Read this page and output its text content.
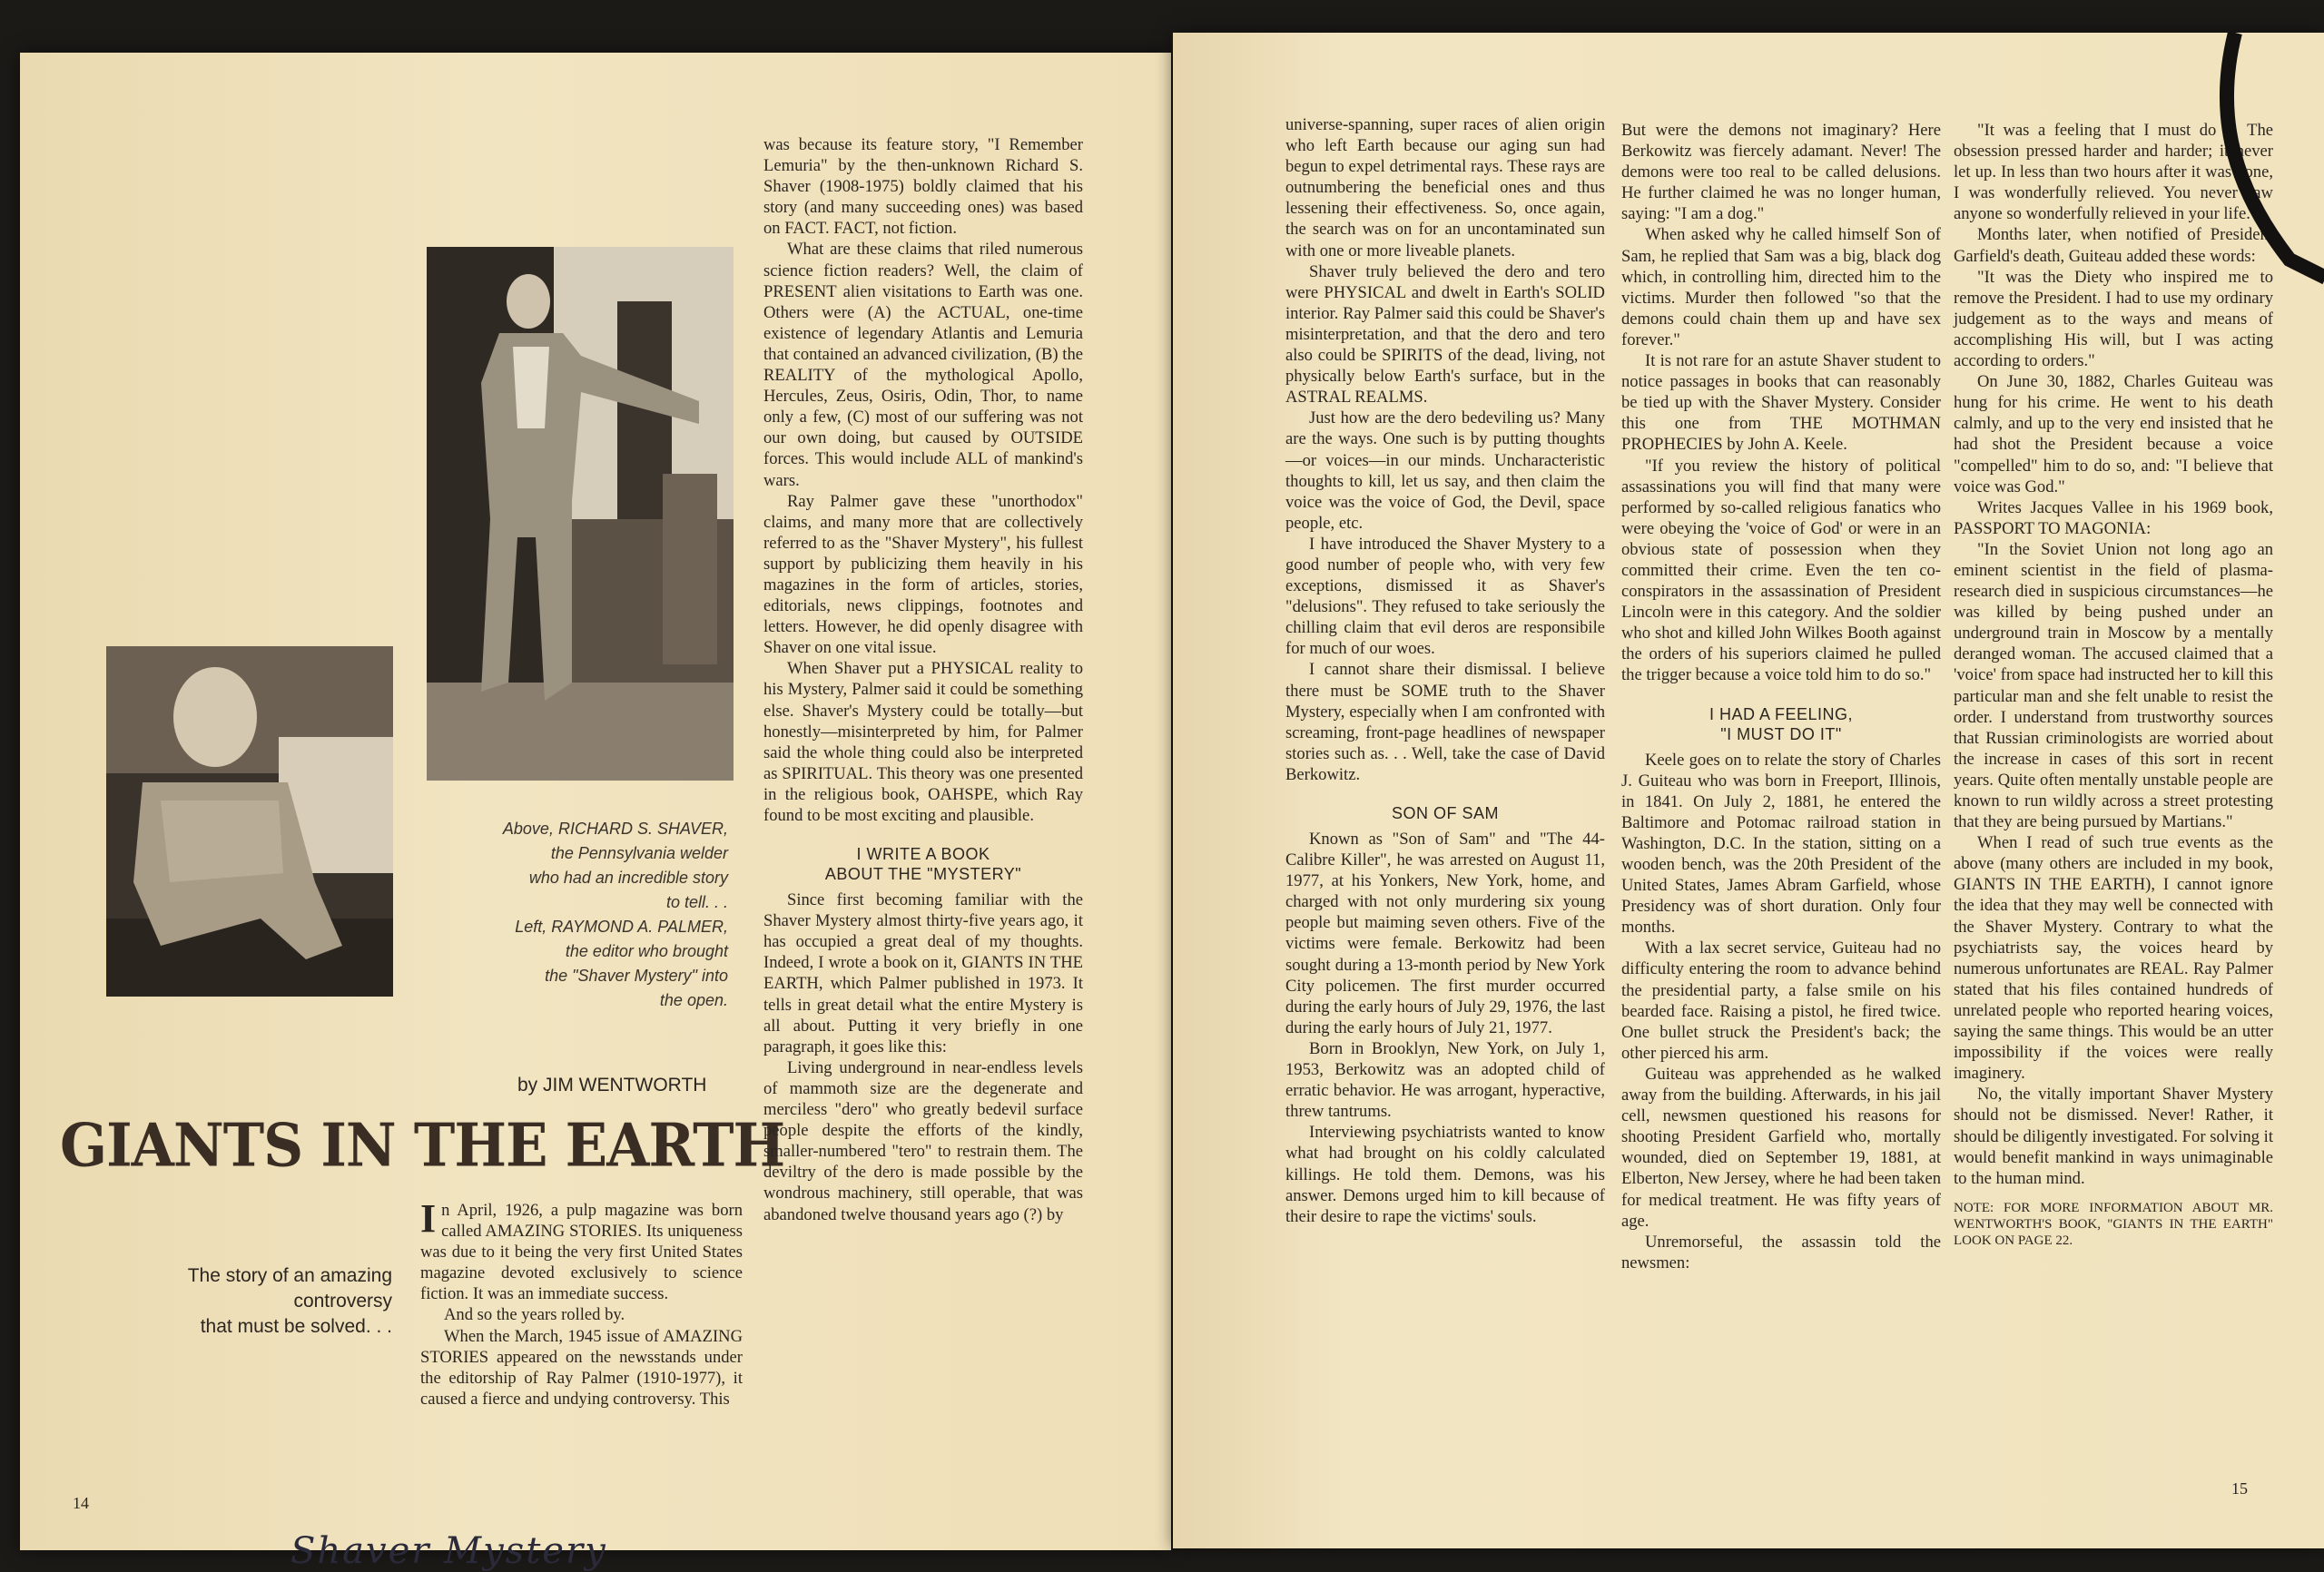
Above, RICHARD S. SHAVER,
the Pennsylvania welder
who had an incredible story
to tell. . .
Left, RAYMOND A. PALMER,
the editor who brought
the "Shaver Mystery" into
the open.
by JIM WENTWORTH
GIANTS IN THE EARTH
The story of an amazing
controversy
that must be solved. . .

In April, 1926, a pulp magazine was born called AMAZING STORIES. Its uniqueness was due to it being the very first United States magazine devoted exclusively to science fiction. It was an immediate success.

And so the years rolled by.

When the March, 1945 issue of AMAZING STORIES appeared on the newsstands under the editorship of Ray Palmer (1910-1977), it caused a fierce and undying controversy. This

was because its feature story, "I Remember Lemuria" by the then-unknown Richard S. Shaver (1908-1975) boldly claimed that his story (and many succeeding ones) was based on FACT. FACT, not fiction.

What are these claims that riled numerous science fiction readers? Well, the claim of PRESENT alien visitations to Earth was one. Others were (A) the ACTUAL, one-time existence of legendary Atlantis and Lemuria that contained an advanced civilization, (B) the REALITY of the mythological Apollo, Hercules, Zeus, Osiris, Odin, Thor, to name only a few, (C) most of our suffering was not our own doing, but caused by OUTSIDE forces. This would include ALL of mankind's wars.

Ray Palmer gave these "unorthodox" claims, and many more that are collectively referred to as the "Shaver Mystery", his fullest support by publicizing them heavily in his magazines in the form of articles, stories, editorials, news clippings, footnotes and letters. However, he did openly disagree with Shaver on one vital issue.

When Shaver put a PHYSICAL reality to his Mystery, Palmer said it could be something else. Shaver's Mystery could be totally—but honestly—misinterpreted by him, for Palmer said the whole thing could also be interpreted as SPIRITUAL. This theory was one presented in the religious book, OAHSPE, which Ray found to be most exciting and plausible.

I WRITE A BOOK
ABOUT THE "MYSTERY"

Since first becoming familiar with the Shaver Mystery almost thirty-five years ago, it has occupied a great deal of my thoughts. Indeed, I wrote a book on it, GIANTS IN THE EARTH, which Palmer published in 1973. It tells in great detail what the entire Mystery is all about. Putting it very briefly in one paragraph, it goes like this:

Living underground in near-endless levels of mammoth size are the degenerate and merciless "dero" who greatly bedevil surface people despite the efforts of the kindly, smaller-numbered "tero" to restrain them. The deviltry of the dero is made possible by the wondrous machinery, still operable, that was abandoned twelve thousand years ago (?) by

14
Shaver Mystery

universe-spanning, super races of alien origin who left Earth because our aging sun had begun to expel detrimental rays. These rays are outnumbering the beneficial ones and thus lessening their effectiveness. So, once again, the search was on for an uncontaminated sun with one or more liveable planets.

Shaver truly believed the dero and tero were PHYSICAL and dwelt in Earth's SOLID interior. Ray Palmer said this could be Shaver's misinterpretation, and that the dero and tero also could be SPIRITS of the dead, living, not physically below Earth's surface, but in the ASTRAL REALMS.

Just how are the dero bedeviling us? Many are the ways. One such is by putting thoughts—or voices—in our minds. Uncharacteristic thoughts to kill, let us say, and then claim the voice was the voice of God, the Devil, space people, etc.

I have introduced the Shaver Mystery to a good number of people who, with very few exceptions, dismissed it as Shaver's "delusions". They refused to take seriously the chilling claim that evil deros are responsibile for much of our woes.

I cannot share their dismissal. I believe there must be SOME truth to the Shaver Mystery, especially when I am confronted with screaming, front-page headlines of newspaper stories such as. . . Well, take the case of David Berkowitz.

SON OF SAM

Known as "Son of Sam" and "The 44-Calibre Killer", he was arrested on August 11, 1977, at his Yonkers, New York, home, and charged with not only murdering six young people but maiming seven others. Five of the victims were female. Berkowitz had been sought during a 13-month period by New York City policemen. The first murder occurred during the early hours of July 29, 1976, the last during the early hours of July 21, 1977.

Born in Brooklyn, New York, on July 1, 1953, Berkowitz was an adopted child of erratic behavior. He was arrogant, hyperactive, threw tantrums.

Interviewing psychiatrists wanted to know what had brought on his coldly calculated killings. He told them. Demons, was his answer. Demons urged him to kill because of their desire to rape the victims' souls.

But were the demons not imaginary? Here Berkowitz was fiercely adamant. Never! The demons were too real to be called delusions. He further claimed he was no longer human, saying: "I am a dog."

When asked why he called himself Son of Sam, he replied that Sam was a big, black dog which, in controlling him, directed him to the victims. Murder then followed "so that the demons could chain them up and have sex forever."

It is not rare for an astute Shaver student to notice passages in books that can reasonably be tied up with the Shaver Mystery. Consider this one from THE MOTHMAN PROPHECIES by John A. Keele.

"If you review the history of political assassinations you will find that many were performed by so-called religious fanatics who were obeying the 'voice of God' or were in an obvious state of possession when they committed their crime. Even the ten co-conspirators in the assassination of President Lincoln were in this category. And the soldier who shot and killed John Wilkes Booth against the orders of his superiors claimed he pulled the trigger because a voice told him to do so."

I HAD A FEELING,
"I MUST DO IT"

Keele goes on to relate the story of Charles J. Guiteau who was born in Freeport, Illinois, in 1841. On July 2, 1881, he entered the Baltimore and Potomac railroad station in Washington, D.C. In the station, sitting on a wooden bench, was the 20th President of the United States, James Abram Garfield, whose Presidency was of short duration. Only four months.

With a lax secret service, Guiteau had no difficulty entering the room to advance behind the presidential party, a false smile on his bearded face. Raising a pistol, he fired twice. One bullet struck the President's back; the other pierced his arm.

Guiteau was apprehended as he walked away from the building. Afterwards, in his jail cell, newsmen questioned his reasons for shooting President Garfield who, mortally wounded, died on September 19, 1881, at Elberton, New Jersey, where he had been taken for medical treatment. He was fifty years of age.

Unremorseful, the assassin told the newsmen:

"It was a feeling that I must do it. The obsession pressed harder and harder; it never let up. In less than two hours after it was done, I was wonderfully relieved. You never saw anyone so wonderfully relieved in your life."

Months later, when notified of President Garfield's death, Guiteau added these words:

"It was the Diety who inspired me to remove the President. I had to use my ordinary judgement as to the ways and means of accomplishing His will, but I was acting according to orders."

On June 30, 1882, Charles Guiteau was hung for his crime. He went to his death calmly, and up to the very end insisted that he had shot the President because a voice "compelled" him to do so, and: "I believe that voice was God."

Writes Jacques Vallee in his 1969 book, PASSPORT TO MAGONIA:

"In the Soviet Union not long ago an eminent scientist in the field of plasma-research died in suspicious circumstances—he was killed by being pushed under an underground train in Moscow by a mentally deranged woman. The accused claimed that a 'voice' from space had instructed her to kill this particular man and she felt unable to resist the order. I understand from trustworthy sources that Russian criminologists are worried about the increase in cases of this sort in recent years. Quite often mentally unstable people are known to run wildly across a street protesting that they are being pursued by Martians."

When I read of such true events as the above (many others are included in my book, GIANTS IN THE EARTH), I cannot ignore the idea that they may well be connected with the Shaver Mystery. Contrary to what the psychiatrists say, the voices heard by numerous unfortunates are REAL. Ray Palmer stated that his files contained hundreds of unrelated people who reported hearing voices, saying the same things. This would be an utter impossibility if the voices were really imaginery.

No, the vitally important Shaver Mystery should not be dismissed. Never! Rather, it should be diligently investigated. For solving it would benefit mankind in ways unimaginable to the human mind.

NOTE: FOR MORE INFORMATION ABOUT MR. WENTWORTH'S BOOK, "GIANTS IN THE EARTH" LOOK ON PAGE 22.
15
